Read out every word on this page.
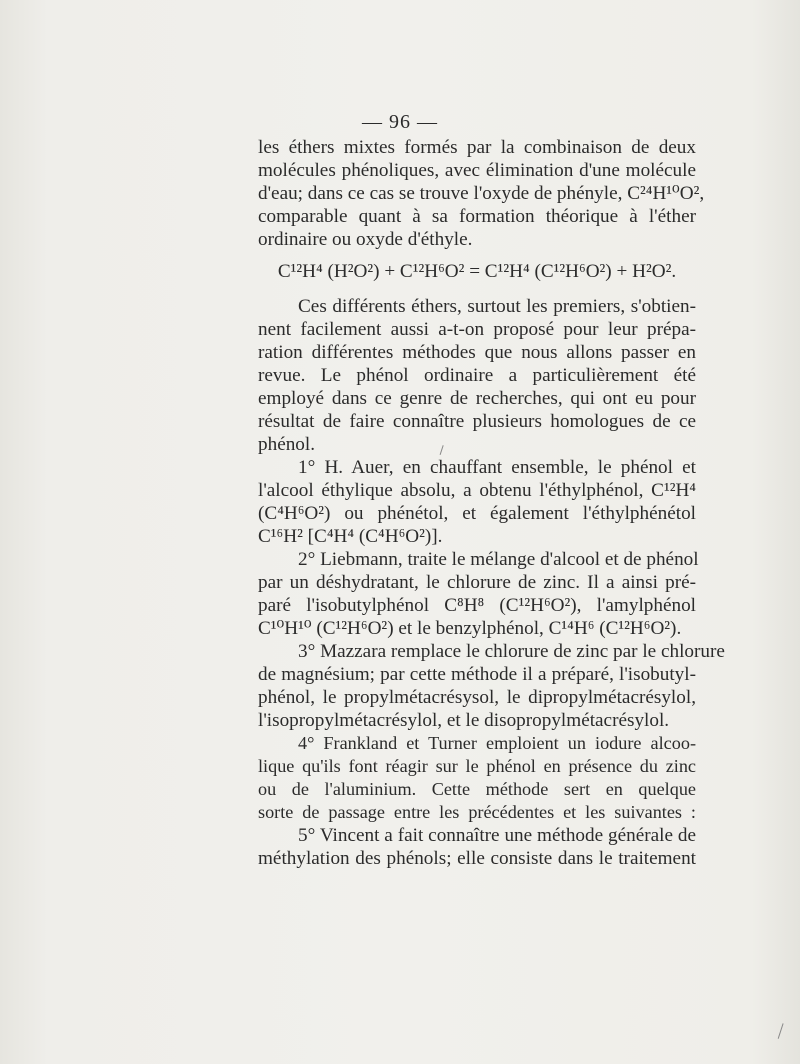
— 96 —
les éthers mixtes formés par la combinaison de deux
molécules phénoliques, avec élimination d'une molécule
d'eau; dans ce cas se trouve l'oxyde de phényle, C²⁴H¹⁰O²,
comparable quant à sa formation théorique à l'éther
ordinaire ou oxyde d'éthyle.
C¹²H⁴ (H²O²) + C¹²H⁶O² = C¹²H⁴ (C¹²H⁶O²) + H²O².
Ces différents éthers, surtout les premiers, s'obtien-
nent facilement aussi a-t-on proposé pour leur prépa-
ration différentes méthodes que nous allons passer en
revue. Le phénol ordinaire a particulièrement été
employé dans ce genre de recherches, qui ont eu pour
résultat de faire connaître plusieurs homologues de ce
phénol.
1° H. Auer, en chauffant ensemble, le phénol et
l'alcool éthylique absolu, a obtenu l'éthylphénol, C¹²H⁴
(C⁴H⁶O²) ou phénétol, et également l'éthylphénétol
C¹⁶H² [C⁴H⁴ (C⁴H⁶O²)].
2° Liebmann, traite le mélange d'alcool et de phénol
par un déshydratant, le chlorure de zinc. Il a ainsi pré-
paré l'isobutylphénol C⁸H⁸ (C¹²H⁶O²), l'amylphénol
C¹⁰H¹⁰ (C¹²H⁶O²) et le benzylphénol, C¹⁴H⁶ (C¹²H⁶O²).
3° Mazzara remplace le chlorure de zinc par le chlorure
de magnésium; par cette méthode il a préparé, l'isobutyl-
phénol, le propylmétacrésysol, le dipropylmétacrésylol,
l'isopropylmétacrésylol, et le disopropylmétacrésylol.
4° Frankland et Turner emploient un iodure alcoo-
lique qu'ils font réagir sur le phénol en présence du zinc
ou de l'aluminium. Cette méthode sert en quelque
sorte de passage entre les précédentes et les suivantes :
5° Vincent a fait connaître une méthode générale de
méthylation des phénols; elle consiste dans le traitement
